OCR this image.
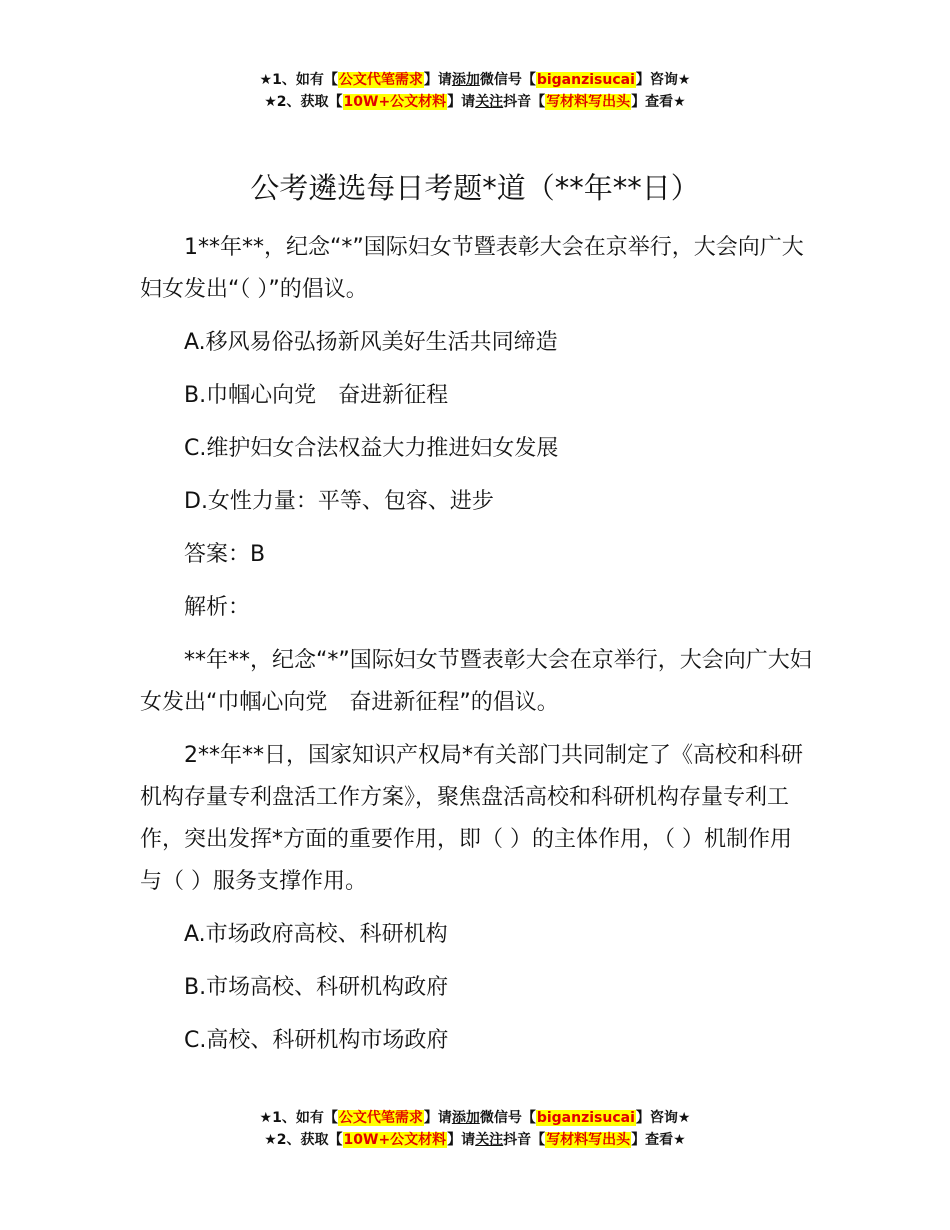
★1、如有【公文代笔需求】请添加微信号【biganzisucai】咨询★
★2、获取【10W+公文材料】请关注抖音【写材料写出头】查看★
公考遴选每日考题*道（**年**日）

1**年**，纪念“*”国际妇女节暨表彰大会在京举行，大会向广大妇女发出“（ ）”的倡议。

A.移风易俗弘扬新风美好生活共同缔造

B.巾帼心向党　奋进新征程

C.维护妇女合法权益大力推进妇女发展

D.女性力量：平等、包容、进步

答案：B

解析：

**年**，纪念“*”国际妇女节暨表彰大会在京举行，大会向广大妇女发出“巾帼心向党　奋进新征程”的倡议。

2**年**日，国家知识产权局*有关部门共同制定了《高校和科研机构存量专利盘活工作方案》，聚焦盘活高校和科研机构存量专利工作，突出发挥*方面的重要作用，即（ ）的主体作用，（ ）机制作用与（ ）服务支撑作用。

A.市场政府高校、科研机构

B.市场高校、科研机构政府

C.高校、科研机构市场政府

★1、如有【公文代笔需求】请添加微信号【biganzisucai】咨询★
★2、获取【10W+公文材料】请关注抖音【写材料写出头】查看★
